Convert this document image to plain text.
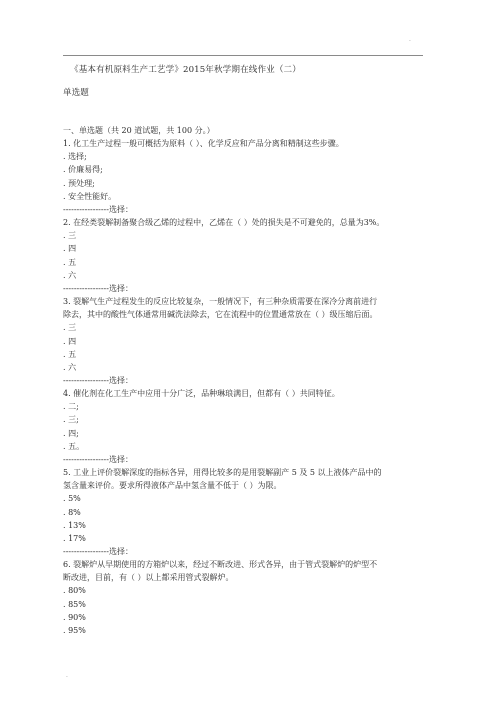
.
《基本有机原料生产工艺学》2015年秋学期在线作业（二）
单选题
一、单选题（共 20 道试题，共 100 分。）
1. 化工生产过程一般可概括为原料（ ）、化学反应和产品分离和精制这些步骤。
. 选择;
. 价廉易得;
. 预处理;
. 安全性能好。
-----------------选择：
2. 在经类裂解制备聚合级乙烯的过程中，乙烯在（ ）处的损失是不可避免的，总量为3%。
. 三
. 四
. 五
. 六
-----------------选择：
3. 裂解气生产过程发生的反应比较复杂，一般情况下，有三种杂质需要在深冷分离前进行
除去，其中的酸性气体通常用碱洗法除去，它在流程中的位置通常放在（ ）级压缩后面。
. 三
. 四
. 五
. 六
-----------------选择：
4. 催化剂在化工生产中应用十分广泛，品种琳琅满目，但都有（ ）共同特征。
. 二;
. 三;
. 四;
. 五。
-----------------选择：
5. 工业上评价裂解深度的指标各异，用得比较多的是用裂解副产 5 及 5 以上液体产品中的
氢含量来评价。要求所得液体产品中氢含量不低于（ ）为限。
. 5%
. 8%
. 13%
. 17%
-----------------选择：
6. 裂解炉从早期使用的方箱炉以来，经过不断改进、形式各异，由于管式裂解炉的炉型不
断改进，目前，有（ ）以上都采用管式裂解炉。
. 80%
. 85%
. 90%
. 95%
.
